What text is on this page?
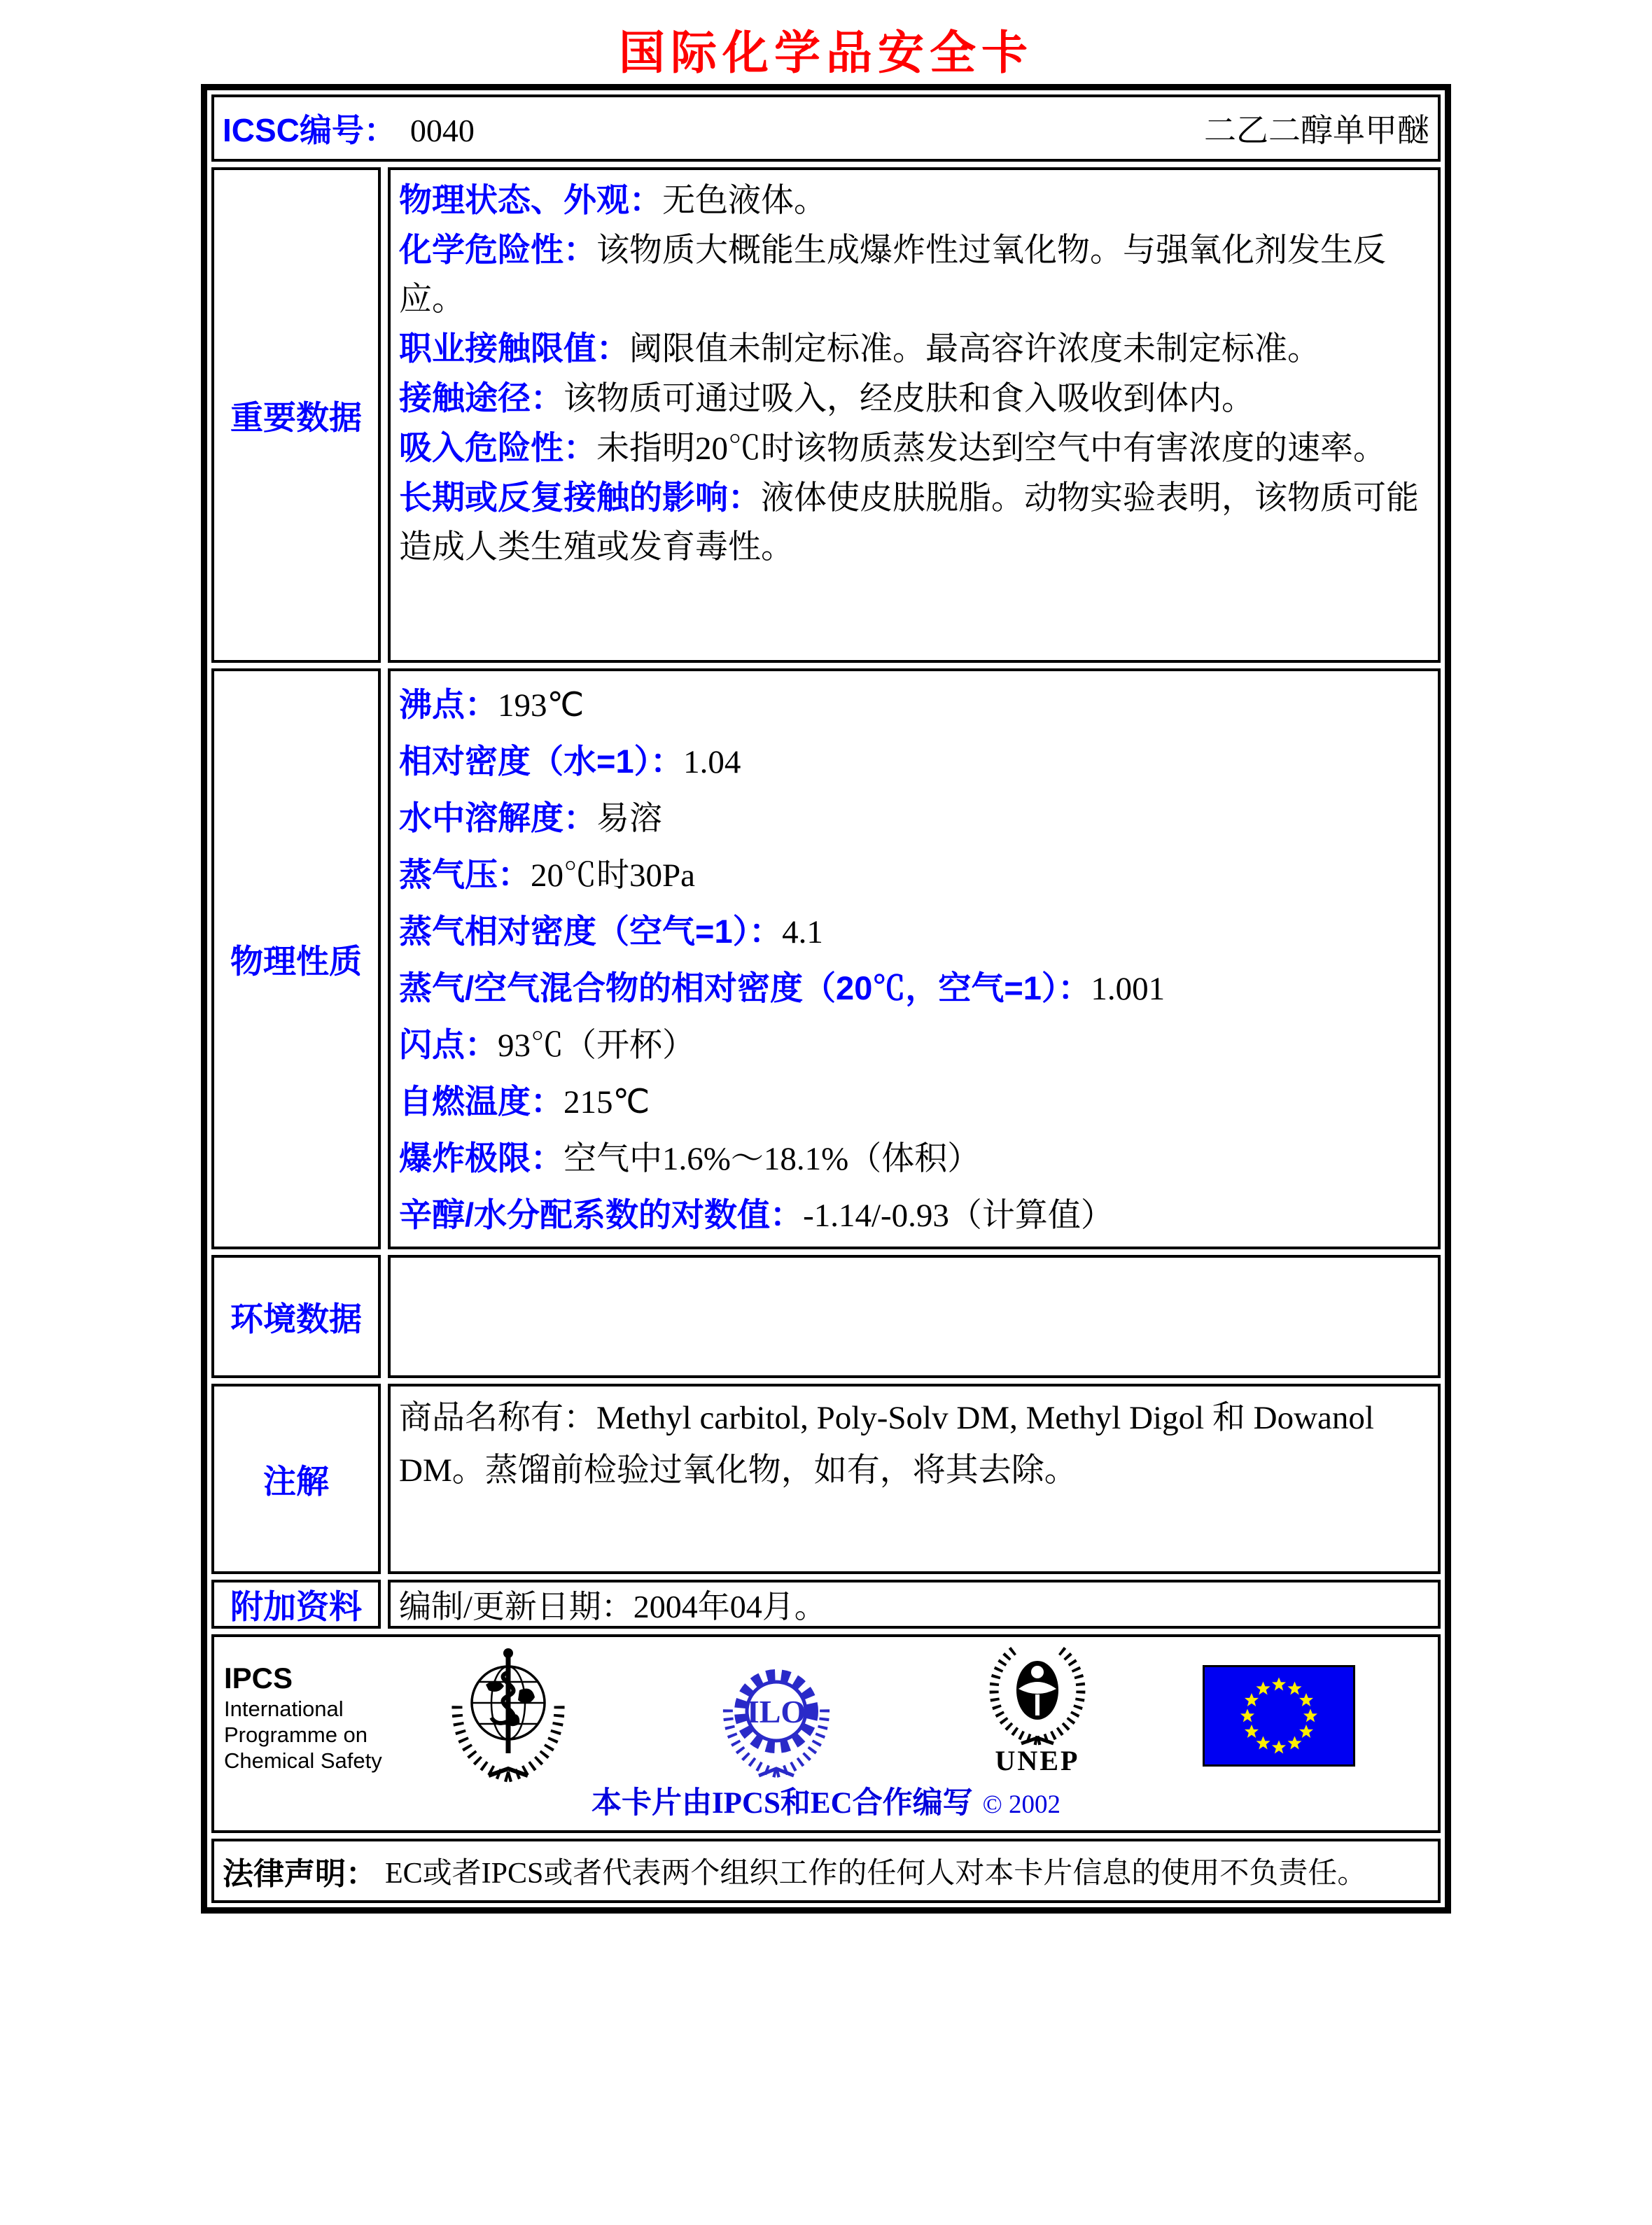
国际化学品安全卡
ICSC编号： 0040	二乙二醇单甲醚
重要数据

物理状态、外观：无色液体。

化学危险性：该物质大概能生成爆炸性过氧化物。与强氧化剂发生反应。

职业接触限值：阈限值未制定标准。最高容许浓度未制定标准。

接触途径：该物质可通过吸入，经皮肤和食入吸收到体内。

吸入危险性：未指明20℃时该物质蒸发达到空气中有害浓度的速率。

长期或反复接触的影响：液体使皮肤脱脂。动物实验表明，该物质可能造成人类生殖或发育毒性。

物理性质

沸点：193℃

相对密度（水=1）：1.04

水中溶解度：易溶

蒸气压：20℃时30Pa

蒸气相对密度（空气=1）：4.1

蒸气/空气混合物的相对密度（20℃，空气=1）：1.001

闪点：93℃（开杯）

自燃温度：215℃

爆炸极限：空气中1.6%～18.1%（体积）

辛醇/水分配系数的对数值：-1.14/-0.93（计算值）

环境数据
注解

商品名称有：Methyl carbitol, Poly-Solv DM, Methyl Digol 和 Dowanol DM。蒸馏前检验过氧化物，如有，将其去除。

附加资料	编制/更新日期：2004年04月。
IPCS
International
Programme on
Chemical Safety
ILO
UNEP
本卡片由IPCS和EC合作编写 © 2002
法律声明： EC或者IPCS或者代表两个组织工作的任何人对本卡片信息的使用不负责任。
